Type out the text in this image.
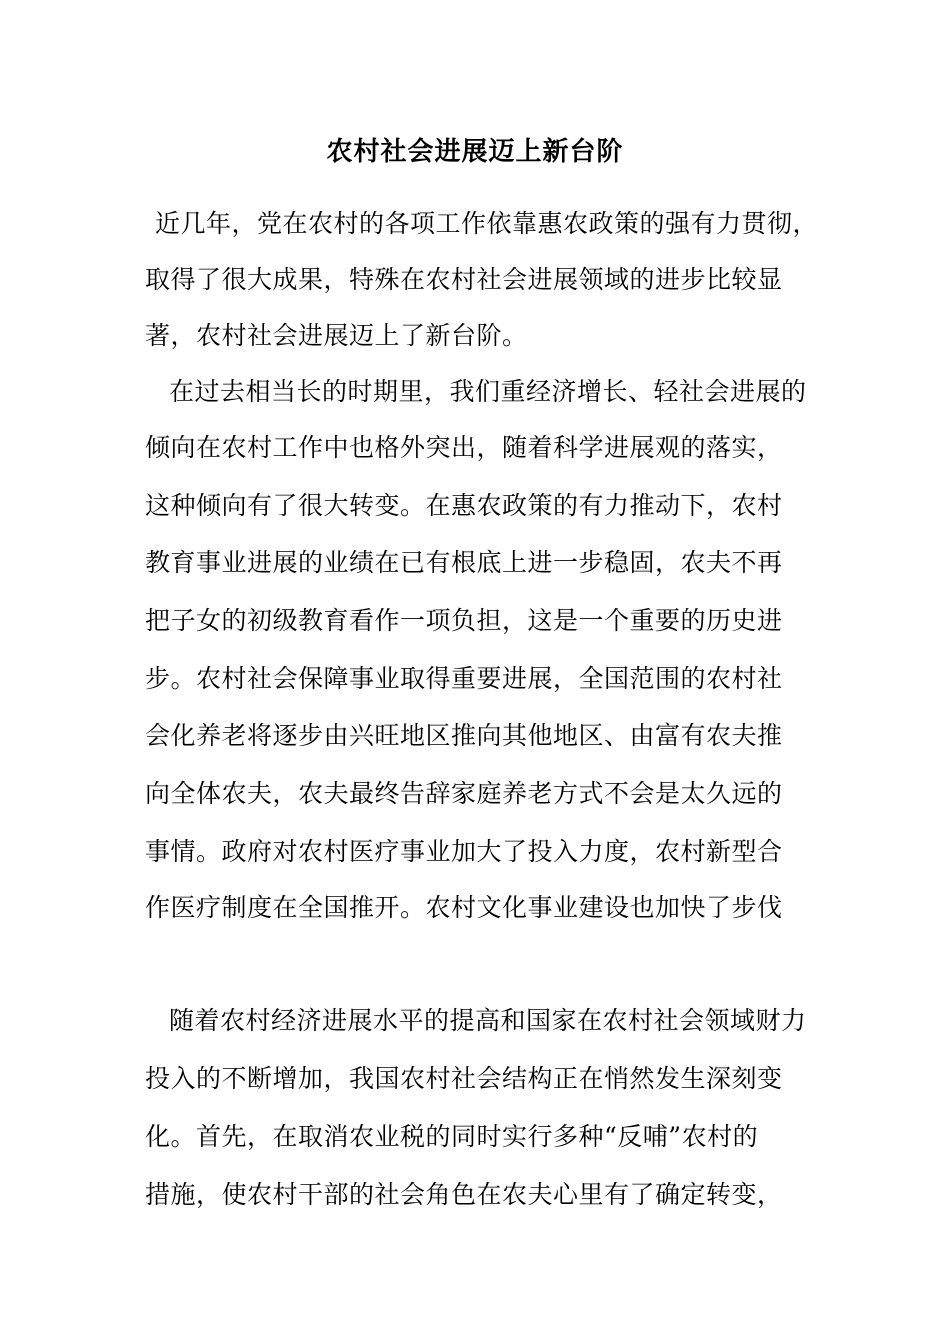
农村社会进展迈上新台阶
近几年，党在农村的各项工作依靠惠农政策的强有力贯彻，
取得了很大成果，特殊在农村社会进展领域的进步比较显
著，农村社会进展迈上了新台阶。
在过去相当长的时期里，我们重经济增长、轻社会进展的
倾向在农村工作中也格外突出，随着科学进展观的落实，
这种倾向有了很大转变。在惠农政策的有力推动下，农村
教育事业进展的业绩在已有根底上进一步稳固，农夫不再
把子女的初级教育看作一项负担，这是一个重要的历史进
步。农村社会保障事业取得重要进展，全国范围的农村社
会化养老将逐步由兴旺地区推向其他地区、由富有农夫推
向全体农夫，农夫最终告辞家庭养老方式不会是太久远的
事情。政府对农村医疗事业加大了投入力度，农村新型合
作医疗制度在全国推开。农村文化事业建设也加快了步伐
随着农村经济进展水平的提高和国家在农村社会领域财力
投入的不断增加，我国农村社会结构正在悄然发生深刻变
化。首先，在取消农业税的同时实行多种“反哺”农村的
措施，使农村干部的社会角色在农夫心里有了确定转变，
